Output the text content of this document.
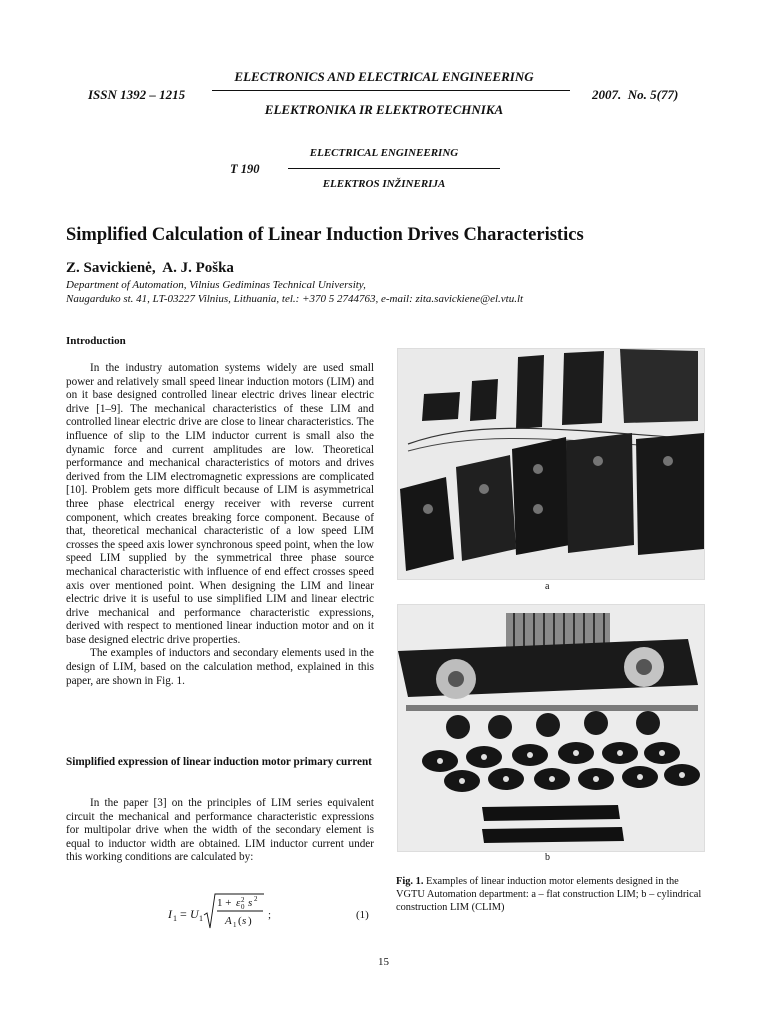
ELECTRONICS AND ELECTRICAL ENGINEERING
ISSN 1392 – 1215	2007.  No. 5(77)
ELEKTRONIKA IR ELEKTROTECHNIKA
ELECTRICAL ENGINEERING
T 190
ELEKTROS INŽINERIJA
Simplified Calculation of Linear Induction Drives Characteristics
Z. Savickienė,  A. J. Poška
Department of Automation, Vilnius Gediminas Technical University,
Naugarduko st. 41, LT-03227 Vilnius, Lithuania, tel.: +370 5 2744763, e-mail: zita.savickiene@el.vtu.lt
Introduction

In the industry automation systems widely are used small power and relatively small speed linear induction motors (LIM) and on it base designed controlled linear electric drives linear electric drive [1–9]. The mechanical characteristics of these LIM and controlled linear electric drive are close to linear characteristics. The influence of slip to the LIM inductor current is small also the dynamic force and current amplitudes are low. Theoretical performance and mechanical characteristics of motors and drives derived from the LIM electromagnetic expressions are complicated [10]. Problem gets more difficult because of LIM is asymmetrical three phase electrical energy receiver with reverse current component, which creates breaking force component. Because of that, theoretical mechanical characteristic of a low speed LIM crosses the speed axis lower synchronous speed point, when the low speed LIM supplied by the symmetrical three phase source mechanical characteristic with influence of end effect crosses speed axis over mentioned point. When designing the LIM and linear electric drive it is useful to use simplified LIM and linear electric drive mechanical and performance characteristic expressions, derived with respect to mentioned linear induction motor and on it base designed electric drive properties.

The examples of inductors and secondary elements used in the design of LIM, based on the calculation method, explained in this paper, are shown in Fig. 1.

Simplified expression of linear induction motor primary current

In the paper [3] on the principles of LIM series equivalent circuit the mechanical and performance characteristic expressions for multipolar drive when the width of the secondary element is equal to inductor width are obtained. LIM inductor current under this working conditions are calculated by:

I 1 = U 1
1 + ε 2
0 s 2
A 1 ( s ) ;	(1)
a
b
Fig. 1. Examples of linear induction motor elements designed in the VGTU Automation department: a – flat construction LIM; b – cylindrical construction LIM (CLIM)
15
